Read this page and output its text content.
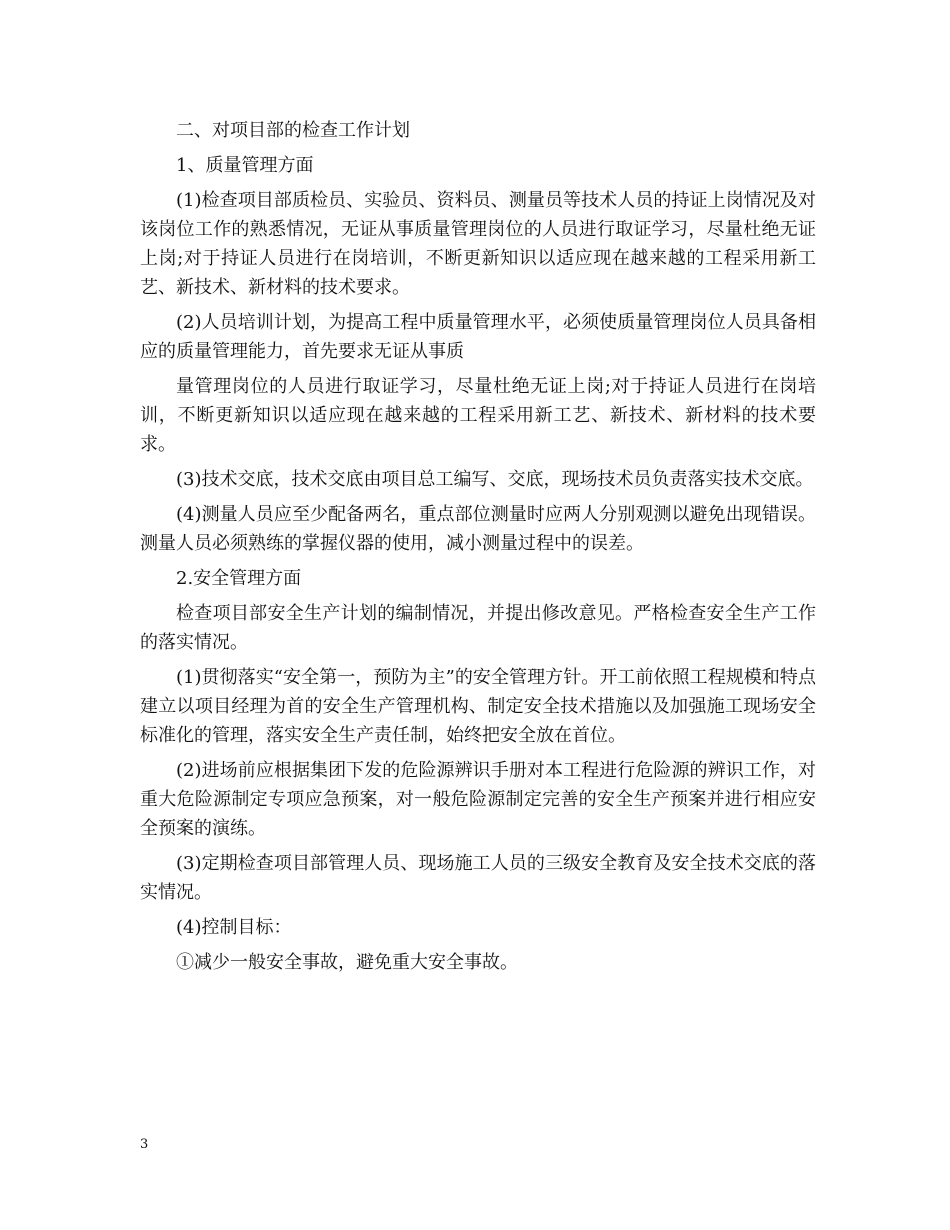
二、对项目部的检查工作计划

1、质量管理方面

(1)检查项目部质检员、实验员、资料员、测量员等技术人员的持证上岗情况及对该岗位工作的熟悉情况，无证从事质量管理岗位的人员进行取证学习，尽量杜绝无证上岗;对于持证人员进行在岗培训，不断更新知识以适应现在越来越的工程采用新工艺、新技术、新材料的技术要求。

(2)人员培训计划，为提高工程中质量管理水平，必须使质量管理岗位人员具备相应的质量管理能力，首先要求无证从事质

量管理岗位的人员进行取证学习，尽量杜绝无证上岗;对于持证人员进行在岗培训，不断更新知识以适应现在越来越的工程采用新工艺、新技术、新材料的技术要求。

(3)技术交底，技术交底由项目总工编写、交底，现场技术员负责落实技术交底。

(4)测量人员应至少配备两名，重点部位测量时应两人分别观测以避免出现错误。测量人员必须熟练的掌握仪器的使用，减小测量过程中的误差。

2.安全管理方面

检查项目部安全生产计划的编制情况，并提出修改意见。严格检查安全生产工作的落实情况。

(1)贯彻落实“安全第一，预防为主”的安全管理方针。开工前依照工程规模和特点建立以项目经理为首的安全生产管理机构、制定安全技术措施以及加强施工现场安全标准化的管理，落实安全生产责任制，始终把安全放在首位。

(2)进场前应根据集团下发的危险源辨识手册对本工程进行危险源的辨识工作，对重大危险源制定专项应急预案，对一般危险源制定完善的安全生产预案并进行相应安全预案的演练。

(3)定期检查项目部管理人员、现场施工人员的三级安全教育及安全技术交底的落实情况。

(4)控制目标：

①减少一般安全事故，避免重大安全事故。

3
